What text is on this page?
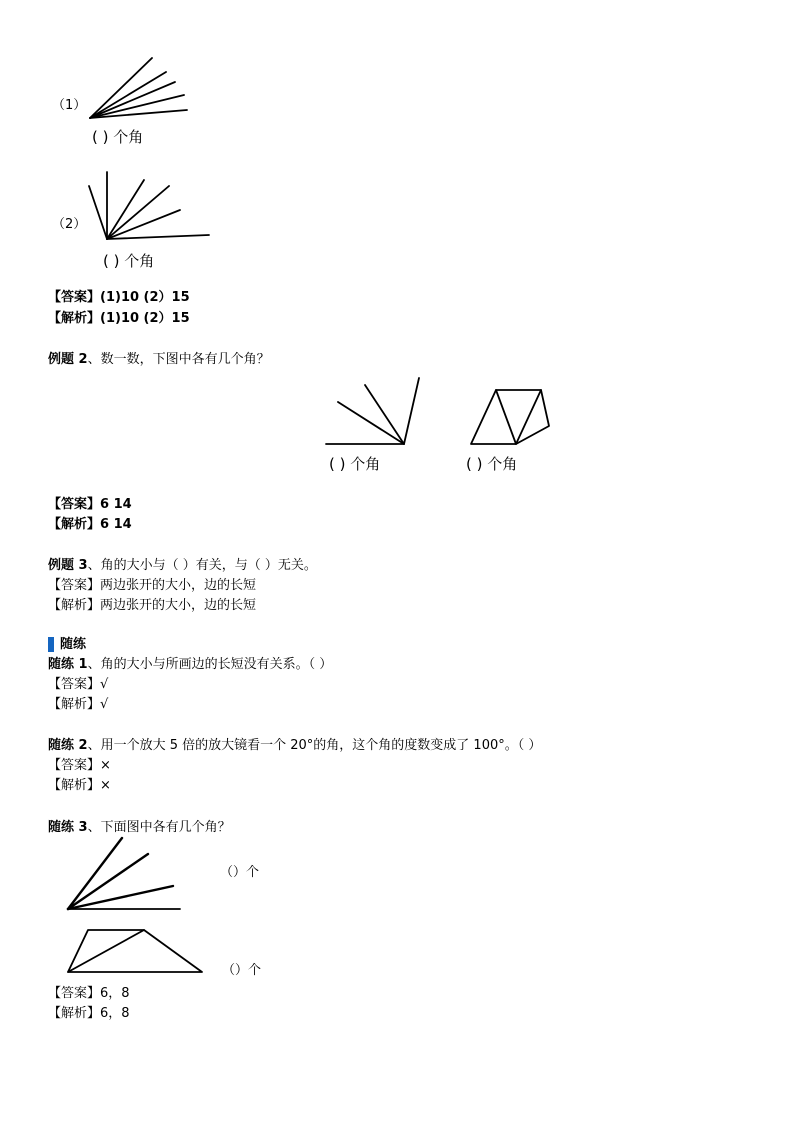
（1）
( ) 个角
（2）
( ) 个角
【答案】(1)10 (2）15
【解析】(1)10 (2）15
例题 2、数一数，下图中各有几个角？
( ) 个角	( ) 个角
【答案】6 14
【解析】6 14
例题 3、角的大小与（ ）有关，与（ ）无关。
【答案】两边张开的大小，边的长短
【解析】两边张开的大小，边的长短
随练
随练 1、角的大小与所画边的长短没有关系。（ ）
【答案】√
【解析】√
随练 2、用一个放大 5 倍的放大镜看一个 20°的角，这个角的度数变成了 100°。（ ）
【答案】×
【解析】×
随练 3、下面图中各有几个角？
（）个
（）个
【答案】6，8
【解析】6，8
